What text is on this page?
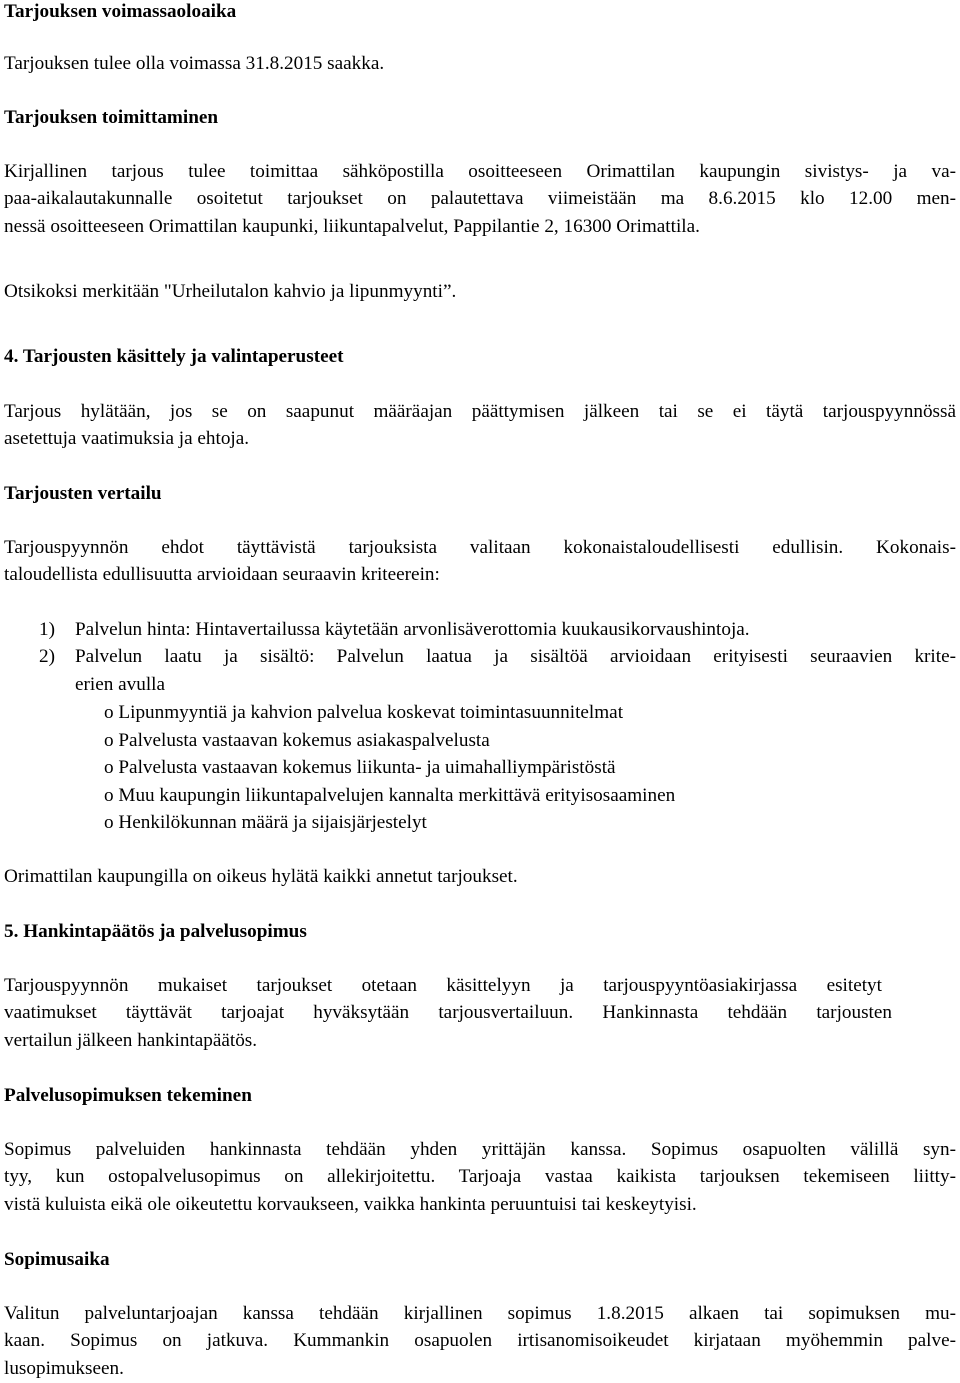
Tarjouksen voimassaoloaika
Tarjouksen tulee olla voimassa 31.8.2015 saakka.
Tarjouksen toimittaminen
Kirjallinen tarjous tulee toimittaa sähköpostilla osoitteeseen Orimattilan kaupungin sivistys- ja va-
paa-aikalautakunnalle osoitetut tarjoukset on palautettava viimeistään ma 8.6.2015 klo 12.00 men-
nessä osoitteeseen Orimattilan kaupunki, liikuntapalvelut, Pappilantie 2, 16300 Orimattila.
Otsikoksi merkitään "Urheilutalon kahvio ja lipunmyynti”.
4. Tarjousten käsittely ja valintaperusteet
Tarjous hylätään, jos se on saapunut määräajan päättymisen jälkeen tai se ei täytä tarjouspyynnössä
asetettuja vaatimuksia ja ehtoja.
Tarjousten vertailu
Tarjouspyynnön ehdot täyttävistä tarjouksista valitaan kokonaistaloudellisesti edullisin. Kokonais-
taloudellista edullisuutta arvioidaan seuraavin kriteerein:
1) Palvelun hinta: Hintavertailussa käytetään arvonlisäverottomia kuukausikorvaushintoja.
2) Palvelun laatu ja sisältö: Palvelun laatua ja sisältöä arvioidaan erityisesti seuraavien krite-
erien avulla
o Lipunmyyntiä ja kahvion palvelua koskevat toimintasuunnitelmat
o Palvelusta vastaavan kokemus asiakaspalvelusta
o Palvelusta vastaavan kokemus liikunta- ja uimahalliympäristöstä
o Muu kaupungin liikuntapalvelujen kannalta merkittävä erityisosaaminen
o Henkilökunnan määrä ja sijaisjärjestelyt
Orimattilan kaupungilla on oikeus hylätä kaikki annetut tarjoukset.
5. Hankintapäätös ja palvelusopimus
Tarjouspyynnön mukaiset tarjoukset otetaan käsittelyyn ja tarjouspyyntöasiakirjassa esitetyt
vaatimukset täyttävät tarjoajat hyväksytään tarjousvertailuun. Hankinnasta tehdään tarjousten
vertailun jälkeen hankintapäätös.
Palvelusopimuksen tekeminen
Sopimus palveluiden hankinnasta tehdään yhden yrittäjän kanssa. Sopimus osapuolten välillä syn-
tyy, kun ostopalvelusopimus on allekirjoitettu. Tarjoaja vastaa kaikista tarjouksen tekemiseen liitty-
vistä kuluista eikä ole oikeutettu korvaukseen, vaikka hankinta peruuntuisi tai keskeytyisi.
Sopimusaika
Valitun palveluntarjoajan kanssa tehdään kirjallinen sopimus 1.8.2015 alkaen tai sopimuksen mu-
kaan. Sopimus on jatkuva. Kummankin osapuolen irtisanomisoikeudet kirjataan myöhemmin palve-
lusopimukseen.
